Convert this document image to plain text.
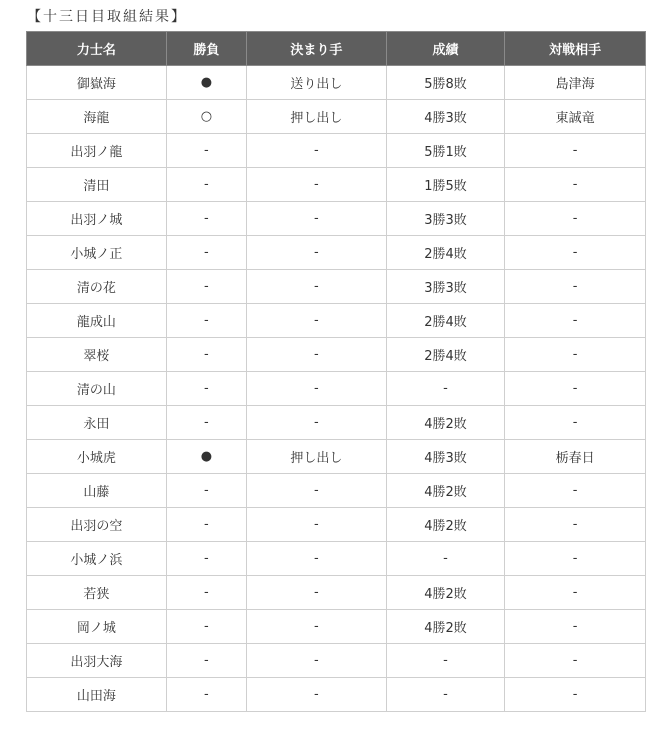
【十三日目取組結果】
力士名	勝負	決まり手	成績	対戦相手
御嶽海	●	送り出し	5勝8敗	島津海
海龍	○	押し出し	4勝3敗	東誠竜
出羽ノ龍	-	-	5勝1敗	-
清田	-	-	1勝5敗	-
出羽ノ城	-	-	3勝3敗	-
小城ノ正	-	-	2勝4敗	-
清の花	-	-	3勝3敗	-
龍成山	-	-	2勝4敗	-
翠桜	-	-	2勝4敗	-
清の山	-	-	-	-
永田	-	-	4勝2敗	-
小城虎	●	押し出し	4勝3敗	栃春日
山藤	-	-	4勝2敗	-
出羽の空	-	-	4勝2敗	-
小城ノ浜	-	-	-	-
若狭	-	-	4勝2敗	-
岡ノ城	-	-	4勝2敗	-
出羽大海	-	-	-	-
山田海	-	-	-	-
